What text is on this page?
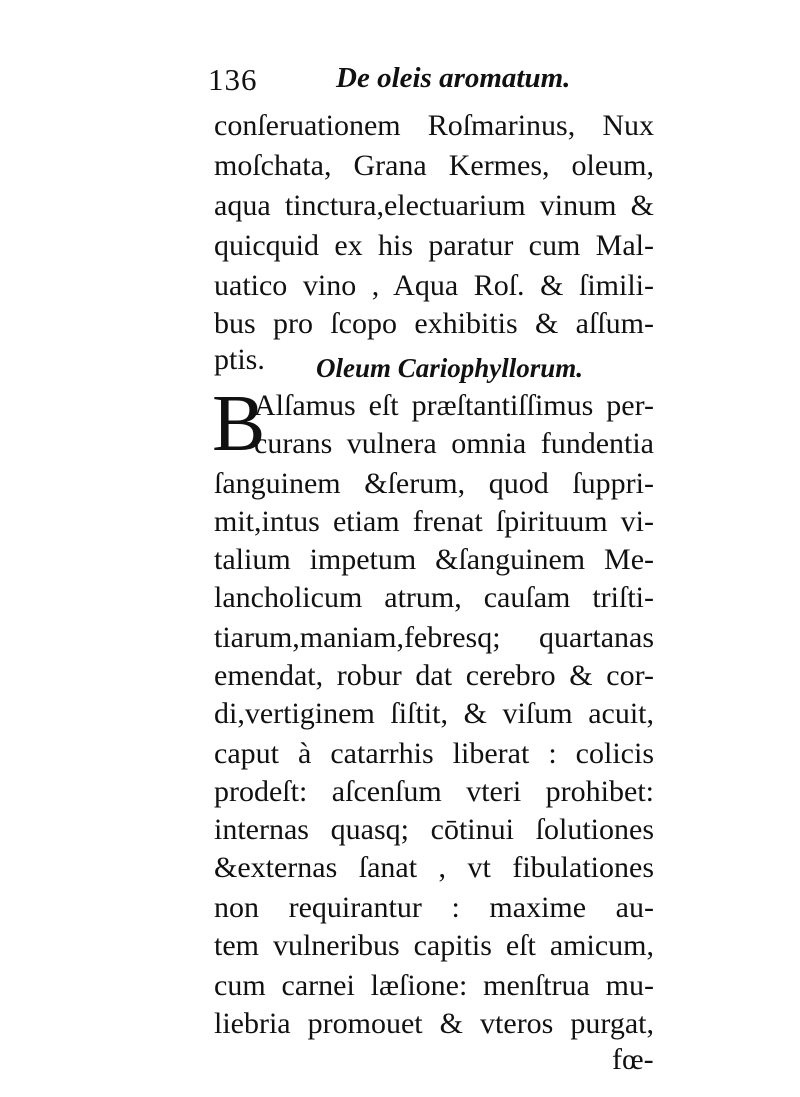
136	De oleis aromatum.
conſeruationem Roſmarinus, Nux
moſchata, Grana Kermes, oleum,
aqua tinctura,electuarium vinum &
quicquid ex his paratur cum Mal-
uatico vino , Aqua Roſ. & ſimili-
bus pro ſcopo exhibitis & aſſum-
ptis.	Oleum Cariophyllorum.
B
Alſamus eſt præſtantiſſimus per-
curans vulnera omnia fundentia
ſanguinem &ſerum, quod ſuppri-
mit,intus etiam frenat ſpirituum vi-
talium impetum &ſanguinem Me-
lancholicum atrum, cauſam triſti-
tiarum,maniam,febresq; quartanas
emendat, robur dat cerebro & cor-
di,vertiginem ſiſtit, & viſum acuit,
caput à catarrhis liberat : colicis
prodeſt: aſcenſum vteri prohibet:
internas quasq; cōtinui ſolutiones
&externas ſanat , vt fibulationes
non requirantur : maxime au-
tem vulneribus capitis eſt amicum,
cum carnei læſione: menſtrua mu-
liebria promouet & vteros purgat,
fœ-
